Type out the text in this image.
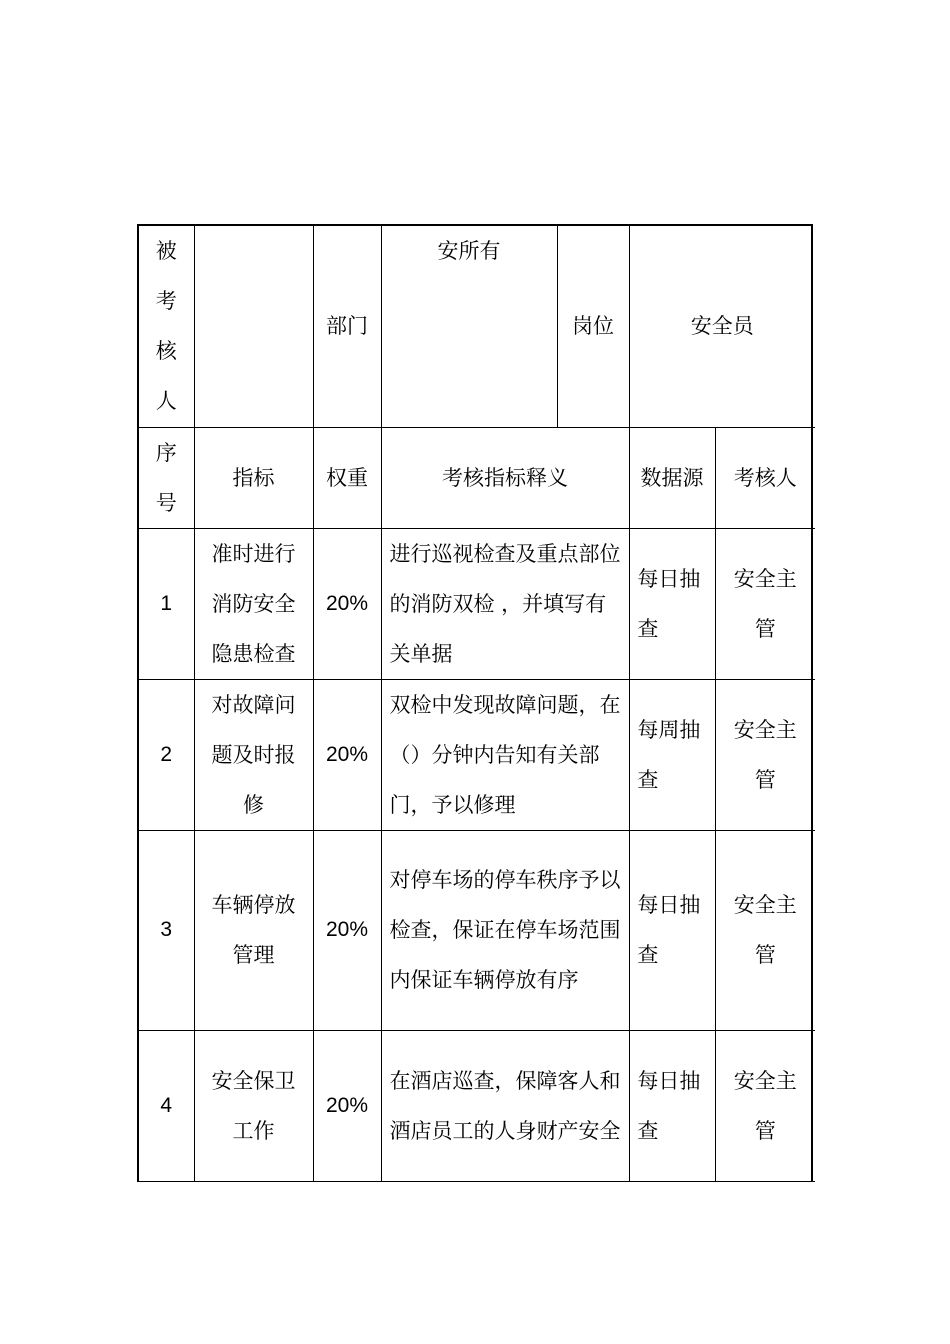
被考核人		部门	安所有	岗位	安全员	
序号	指标	权重	考核指标释义		数据源	考核人
1	准时进行消防安全隐患检查	20%	进行巡视检查及重点部位的消防双检 ，并填写有关单据		每日抽查	安全主管

2	对故障问题及时报修	20%	双检中发现故障问题，在（）分钟内告知有关部门，予以修理		每周抽查	安全主管

3	车辆停放管理	20%	对停车场的停车秩序予以检查，保证在停车场范围内保证车辆停放有序		每日抽查	安全主管

4	安全保卫工作	20%	在酒店巡查，保障客人和酒店员工的人身财产安全		每日抽查	安全主管
